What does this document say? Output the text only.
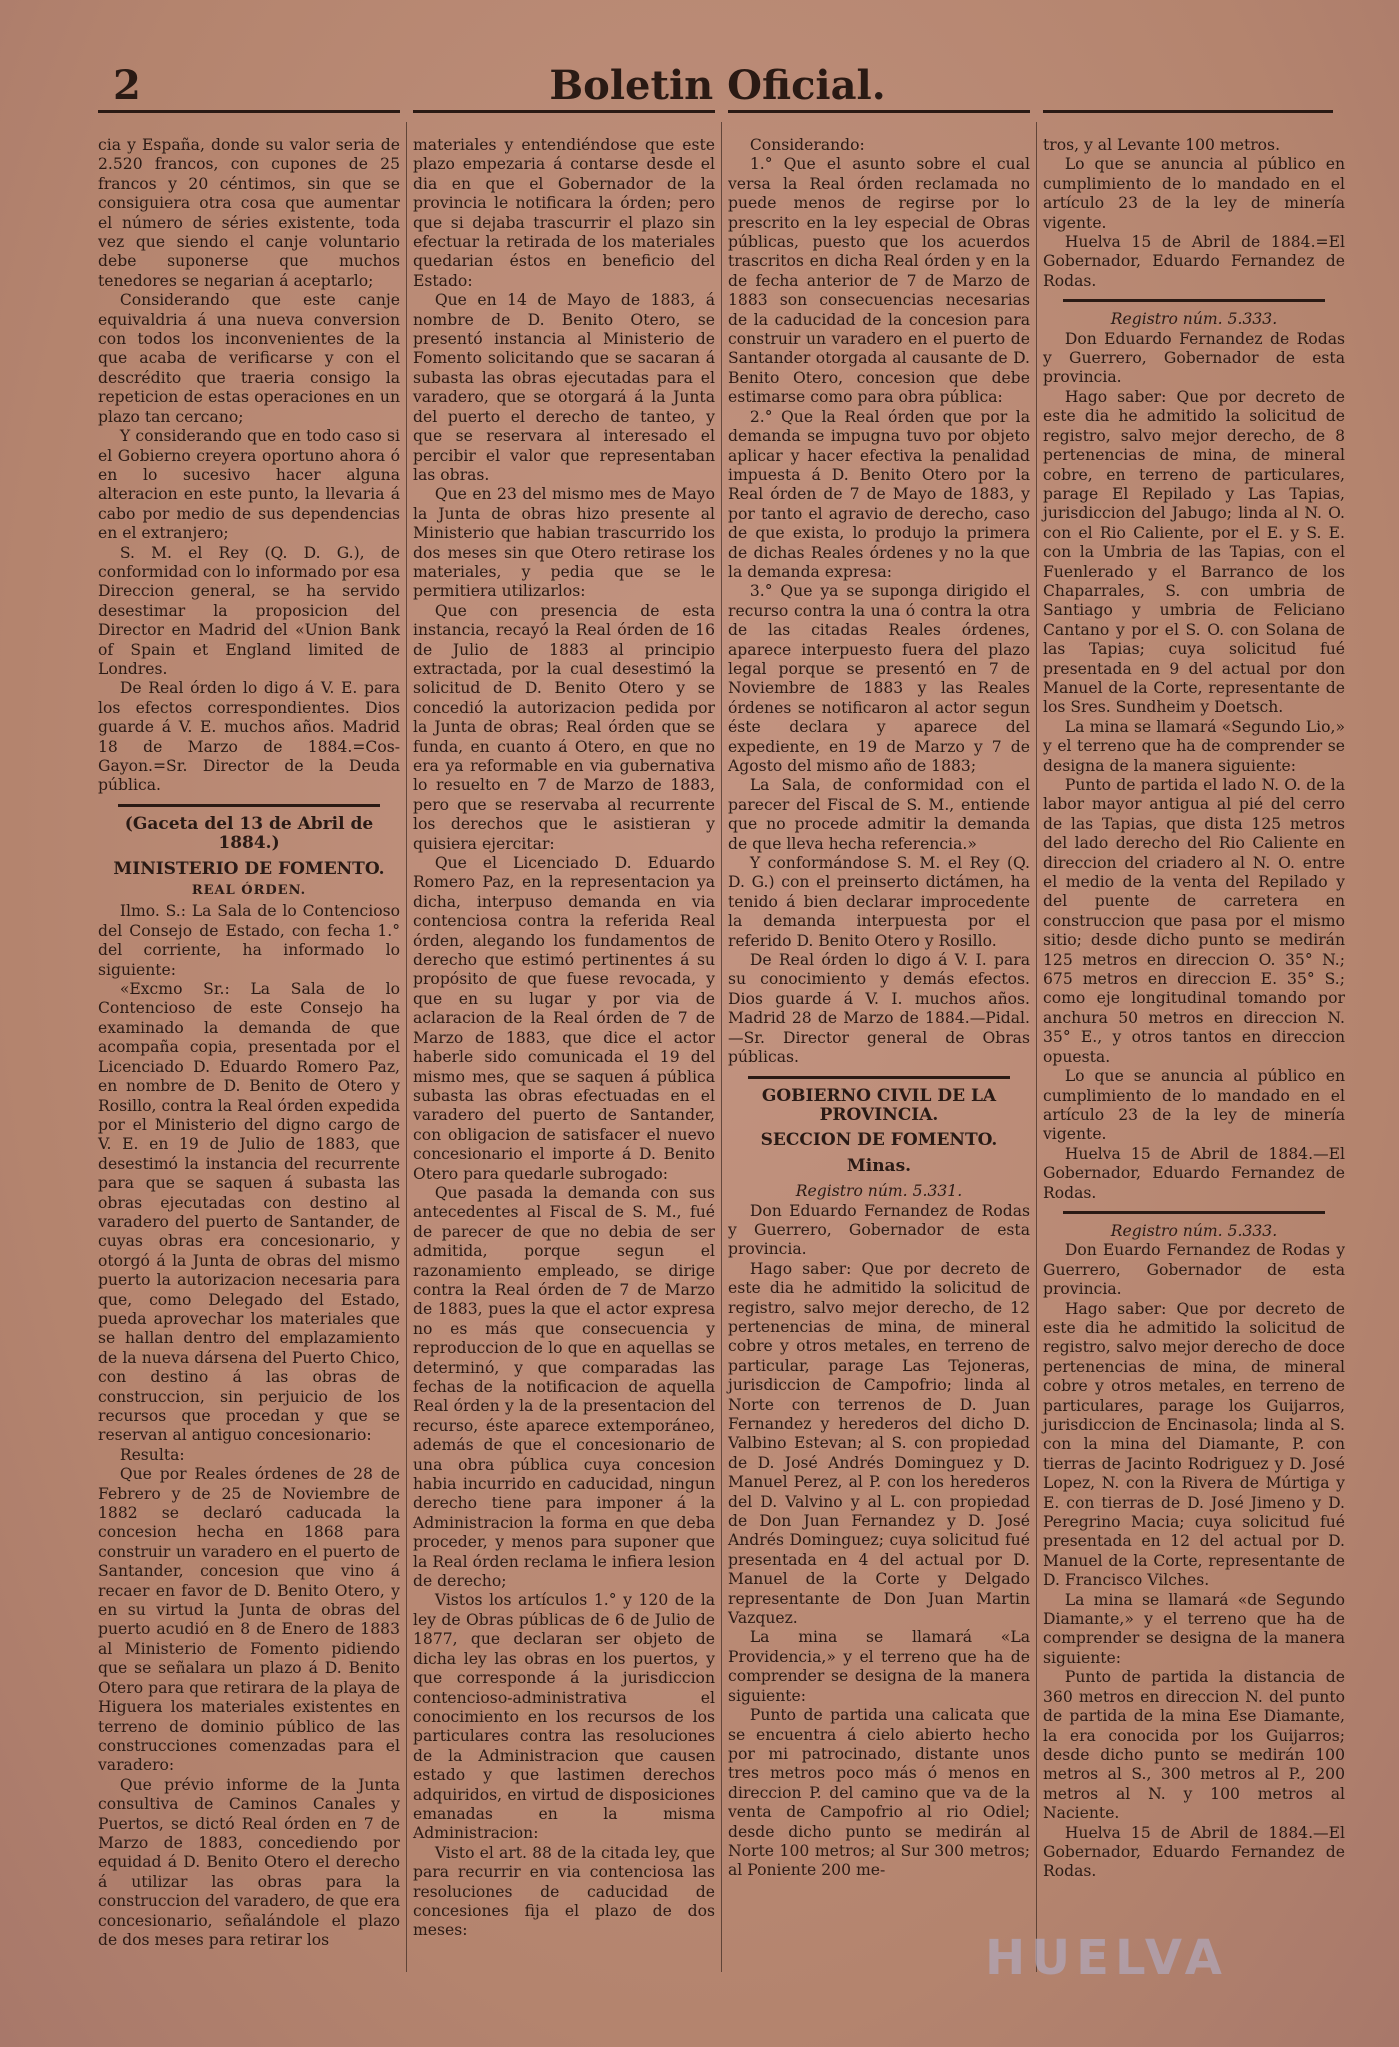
2	Boletin Oficial.

cia y España, donde su valor seria de 2.520 francos, con cupones de 25 francos y 20 céntimos, sin que se consiguiera otra cosa que aumentar el número de séries existente, toda vez que siendo el canje voluntario debe suponerse que muchos tenedores se negarian á aceptarlo;

Considerando que este canje equivaldria á una nueva conversion con todos los inconvenientes de la que acaba de verificarse y con el descrédito que traeria consigo la repeticion de estas operaciones en un plazo tan cercano;

Y considerando que en todo caso si el Gobierno creyera oportuno ahora ó en lo sucesivo hacer alguna alteracion en este punto, la llevaria á cabo por medio de sus dependencias en el extranjero;

S. M. el Rey (Q. D. G.), de conformidad con lo informado por esa Direccion general, se ha servido desestimar la proposicion del Director en Madrid del «Union Bank of Spain et England limited de Londres.

De Real órden lo digo á V. E. para los efectos correspondientes. Dios guarde á V. E. muchos años. Madrid 18 de Marzo de 1884.=Cos-Gayon.=Sr. Director de la Deuda pública.

(Gaceta del 13 de Abril de 1884.)

MINISTERIO DE FOMENTO.

REAL ÓRDEN.

Ilmo. S.: La Sala de lo Contencioso del Consejo de Estado, con fecha 1.° del corriente, ha informado lo siguiente:

«Excmo Sr.: La Sala de lo Contencioso de este Consejo ha examinado la demanda de que acompaña copia, presentada por el Licenciado D. Eduardo Romero Paz, en nombre de D. Benito de Otero y Rosillo, contra la Real órden expedida por el Ministerio del digno cargo de V. E. en 19 de Julio de 1883, que desestimó la instancia del recurrente para que se saquen á subasta las obras ejecutadas con destino al varadero del puerto de Santander, de cuyas obras era concesionario, y otorgó á la Junta de obras del mismo puerto la autorizacion necesaria para que, como Delegado del Estado, pueda aprovechar los materiales que se hallan dentro del emplazamiento de la nueva dársena del Puerto Chico, con destino á las obras de construccion, sin perjuicio de los recursos que procedan y que se reservan al antiguo concesionario:

Resulta:

Que por Reales órdenes de 28 de Febrero y de 25 de Noviembre de 1882 se declaró caducada la concesion hecha en 1868 para construir un varadero en el puerto de Santander, concesion que vino á recaer en favor de D. Benito Otero, y en su virtud la Junta de obras del puerto acudió en 8 de Enero de 1883 al Ministerio de Fomento pidiendo que se señalara un plazo á D. Benito Otero para que retirara de la playa de Higuera los materiales existentes en terreno de dominio público de las construcciones comenzadas para el varadero:

Que prévio informe de la Junta consultiva de Caminos Canales y Puertos, se dictó Real órden en 7 de Marzo de 1883, concediendo por equidad á D. Benito Otero el derecho á utilizar las obras para la construccion del varadero, de que era concesionario, señalándole el plazo de dos meses para retirar los

materiales y entendiéndose que este plazo empezaria á contarse desde el dia en que el Gobernador de la provincia le notificara la órden; pero que si dejaba trascurrir el plazo sin efectuar la retirada de los materiales quedarian éstos en beneficio del Estado:

Que en 14 de Mayo de 1883, á nombre de D. Benito Otero, se presentó instancia al Ministerio de Fomento solicitando que se sacaran á subasta las obras ejecutadas para el varadero, que se otorgará á la Junta del puerto el derecho de tanteo, y que se reservara al interesado el percibir el valor que representaban las obras.

Que en 23 del mismo mes de Mayo la Junta de obras hizo presente al Ministerio que habian trascurrido los dos meses sin que Otero retirase los materiales, y pedia que se le permitiera utilizarlos:

Que con presencia de esta instancia, recayó la Real órden de 16 de Julio de 1883 al principio extractada, por la cual desestimó la solicitud de D. Benito Otero y se concedió la autorizacion pedida por la Junta de obras; Real órden que se funda, en cuanto á Otero, en que no era ya reformable en via gubernativa lo resuelto en 7 de Marzo de 1883, pero que se reservaba al recurrente los derechos que le asistieran y quisiera ejercitar:

Que el Licenciado D. Eduardo Romero Paz, en la representacion ya dicha, interpuso demanda en via contenciosa contra la referida Real órden, alegando los fundamentos de derecho que estimó pertinentes á su propósito de que fuese revocada, y que en su lugar y por via de aclaracion de la Real órden de 7 de Marzo de 1883, que dice el actor haberle sido comunicada el 19 del mismo mes, que se saquen á pública subasta las obras efectuadas en el varadero del puerto de Santander, con obligacion de satisfacer el nuevo concesionario el importe á D. Benito Otero para quedarle subrogado:

Que pasada la demanda con sus antecedentes al Fiscal de S. M., fué de parecer de que no debia de ser admitida, porque segun el razonamiento empleado, se dirige contra la Real órden de 7 de Marzo de 1883, pues la que el actor expresa no es más que consecuencia y reproduccion de lo que en aquellas se determinó, y que comparadas las fechas de la notificacion de aquella Real órden y la de la presentacion del recurso, éste aparece extemporáneo, además de que el concesionario de una obra pública cuya concesion habia incurrido en caducidad, ningun derecho tiene para imponer á la Administracion la forma en que deba proceder, y menos para suponer que la Real órden reclama le infiera lesion de derecho;

Vistos los artículos 1.° y 120 de la ley de Obras públicas de 6 de Julio de 1877, que declaran ser objeto de dicha ley las obras en los puertos, y que corresponde á la jurisdiccion contencioso-administrativa el conocimiento en los recursos de los particulares contra las resoluciones de la Administracion que causen estado y que lastimen derechos adquiridos, en virtud de disposiciones emanadas en la misma Administracion:

Visto el art. 88 de la citada ley, que para recurrir en via contenciosa las resoluciones de caducidad de concesiones fija el plazo de dos meses:

Considerando:

1.° Que el asunto sobre el cual versa la Real órden reclamada no puede menos de regirse por lo prescrito en la ley especial de Obras públicas, puesto que los acuerdos trascritos en dicha Real órden y en la de fecha anterior de 7 de Marzo de 1883 son consecuencias necesarias de la caducidad de la concesion para construir un varadero en el puerto de Santander otorgada al causante de D. Benito Otero, concesion que debe estimarse como para obra pública:

2.° Que la Real órden que por la demanda se impugna tuvo por objeto aplicar y hacer efectiva la penalidad impuesta á D. Benito Otero por la Real órden de 7 de Mayo de 1883, y por tanto el agravio de derecho, caso de que exista, lo produjo la primera de dichas Reales órdenes y no la que la demanda expresa:

3.° Que ya se suponga dirigido el recurso contra la una ó contra la otra de las citadas Reales órdenes, aparece interpuesto fuera del plazo legal porque se presentó en 7 de Noviembre de 1883 y las Reales órdenes se notificaron al actor segun éste declara y aparece del expediente, en 19 de Marzo y 7 de Agosto del mismo año de 1883;

La Sala, de conformidad con el parecer del Fiscal de S. M., entiende que no procede admitir la demanda de que lleva hecha referencia.»

Y conformándose S. M. el Rey (Q. D. G.) con el preinserto dictámen, ha tenido á bien declarar improcedente la demanda interpuesta por el referido D. Benito Otero y Rosillo.

De Real órden lo digo á V. I. para su conocimiento y demás efectos. Dios guarde á V. I. muchos años. Madrid 28 de Marzo de 1884.—Pidal.—Sr. Director general de Obras públicas.

GOBIERNO CIVIL DE LA PROVINCIA.

SECCION DE FOMENTO.

Minas.

Registro núm. 5.331.

Don Eduardo Fernandez de Rodas y Guerrero, Gobernador de esta provincia.

Hago saber: Que por decreto de este dia he admitido la solicitud de registro, salvo mejor derecho, de 12 pertenencias de mina, de mineral cobre y otros metales, en terreno de particular, parage Las Tejoneras, jurisdiccion de Campofrio; linda al Norte con terrenos de D. Juan Fernandez y herederos del dicho D. Valbino Estevan; al S. con propiedad de D. José Andrés Dominguez y D. Manuel Perez, al P. con los herederos del D. Valvino y al L. con propiedad de Don Juan Fernandez y D. José Andrés Dominguez; cuya solicitud fué presentada en 4 del actual por D. Manuel de la Corte y Delgado representante de Don Juan Martin Vazquez.

La mina se llamará «La Providencia,» y el terreno que ha de comprender se designa de la manera siguiente:

Punto de partida una calicata que se encuentra á cielo abierto hecho por mi patrocinado, distante unos tres metros poco más ó menos en direccion P. del camino que va de la venta de Campofrio al rio Odiel; desde dicho punto se medirán al Norte 100 metros; al Sur 300 metros; al Poniente 200 me-

tros, y al Levante 100 metros.

Lo que se anuncia al público en cumplimiento de lo mandado en el artículo 23 de la ley de minería vigente.

Huelva 15 de Abril de 1884.=El Gobernador, Eduardo Fernandez de Rodas.

Registro núm. 5.333.

Don Eduardo Fernandez de Rodas y Guerrero, Gobernador de esta provincia.

Hago saber: Que por decreto de este dia he admitido la solicitud de registro, salvo mejor derecho, de 8 pertenencias de mina, de mineral cobre, en terreno de particulares, parage El Repilado y Las Tapias, jurisdiccion del Jabugo; linda al N. O. con el Rio Caliente, por el E. y S. E. con la Umbria de las Tapias, con el Fuenlerado y el Barranco de los Chaparrales, S. con umbria de Santiago y umbria de Feliciano Cantano y por el S. O. con Solana de las Tapias; cuya solicitud fué presentada en 9 del actual por don Manuel de la Corte, representante de los Sres. Sundheim y Doetsch.

La mina se llamará «Segundo Lio,» y el terreno que ha de comprender se designa de la manera siguiente:

Punto de partida el lado N. O. de la labor mayor antigua al pié del cerro de las Tapias, que dista 125 metros del lado derecho del Rio Caliente en direccion del criadero al N. O. entre el medio de la venta del Repilado y del puente de carretera en construccion que pasa por el mismo sitio; desde dicho punto se medirán 125 metros en direccion O. 35° N.; 675 metros en direccion E. 35° S.; como eje longitudinal tomando por anchura 50 metros en direccion N. 35° E., y otros tantos en direccion opuesta.

Lo que se anuncia al público en cumplimiento de lo mandado en el artículo 23 de la ley de minería vigente.

Huelva 15 de Abril de 1884.—El Gobernador, Eduardo Fernandez de Rodas.

Registro núm. 5.333.

Don Euardo Fernandez de Rodas y Guerrero, Gobernador de esta provincia.

Hago saber: Que por decreto de este dia he admitido la solicitud de registro, salvo mejor derecho de doce pertenencias de mina, de mineral cobre y otros metales, en terreno de particulares, parage los Guijarros, jurisdiccion de Encinasola; linda al S. con la mina del Diamante, P. con tierras de Jacinto Rodriguez y D. José Lopez, N. con la Rivera de Múrtiga y E. con tierras de D. José Jimeno y D. Peregrino Macia; cuya solicitud fué presentada en 12 del actual por D. Manuel de la Corte, representante de D. Francisco Vilches.

La mina se llamará «de Segundo Diamante,» y el terreno que ha de comprender se designa de la manera siguiente:

Punto de partida la distancia de 360 metros en direccion N. del punto de partida de la mina Ese Diamante, la era conocida por los Guijarros; desde dicho punto se medirán 100 metros al S., 300 metros al P., 200 metros al N. y 100 metros al Naciente.

Huelva 15 de Abril de 1884.—El Gobernador, Eduardo Fernandez de Rodas.

HUELVA
